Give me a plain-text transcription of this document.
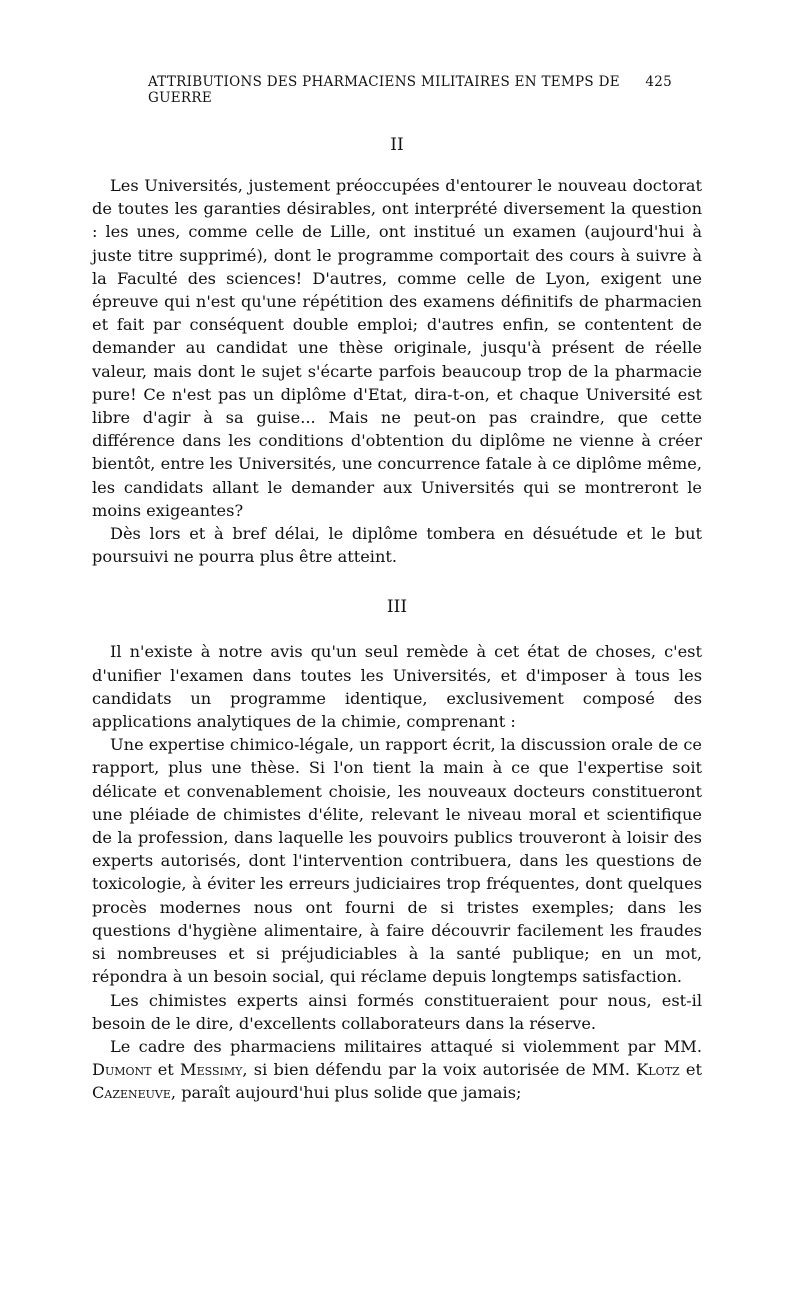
ATTRIBUTIONS DES PHARMACIENS MILITAIRES EN TEMPS DE GUERRE
425
II

Les Universités, justement préoccupées d'entourer le nouveau doctorat de toutes les garanties désirables, ont interprété diversement la question : les unes, comme celle de Lille, ont institué un examen (aujourd'hui à juste titre supprimé), dont le programme comportait des cours à suivre à la Faculté des sciences! D'autres, comme celle de Lyon, exigent une épreuve qui n'est qu'une répétition des examens définitifs de pharmacien et fait par conséquent double emploi; d'autres enfin, se contentent de demander au candidat une thèse originale, jusqu'à présent de réelle valeur, mais dont le sujet s'écarte parfois beaucoup trop de la pharmacie pure! Ce n'est pas un diplôme d'Etat, dira-t-on, et chaque Université est libre d'agir à sa guise... Mais ne peut-on pas craindre, que cette différence dans les conditions d'obtention du diplôme ne vienne à créer bientôt, entre les Universités, une concurrence fatale à ce diplôme même, les candidats allant le demander aux Universités qui se montreront le moins exigeantes?

Dès lors et à bref délai, le diplôme tombera en désuétude et le but poursuivi ne pourra plus être atteint.

III

Il n'existe à notre avis qu'un seul remède à cet état de choses, c'est d'unifier l'examen dans toutes les Universités, et d'imposer à tous les candidats un programme identique, exclusivement composé des applications analytiques de la chimie, comprenant :

Une expertise chimico-légale, un rapport écrit, la discussion orale de ce rapport, plus une thèse. Si l'on tient la main à ce que l'expertise soit délicate et convenablement choisie, les nouveaux docteurs constitueront une pléiade de chimistes d'élite, relevant le niveau moral et scientifique de la profession, dans laquelle les pouvoirs publics trouveront à loisir des experts autorisés, dont l'intervention contribuera, dans les questions de toxicologie, à éviter les erreurs judiciaires trop fréquentes, dont quelques procès modernes nous ont fourni de si tristes exemples; dans les questions d'hygiène alimentaire, à faire découvrir facilement les fraudes si nombreuses et si préjudiciables à la santé publique; en un mot, répondra à un besoin social, qui réclame depuis longtemps satisfaction.

Les chimistes experts ainsi formés constitueraient pour nous, est-il besoin de le dire, d'excellents collaborateurs dans la réserve.

Le cadre des pharmaciens militaires attaqué si violemment par MM. Dumont et Messimy, si bien défendu par la voix autorisée de MM. Klotz et Cazeneuve, paraît aujourd'hui plus solide que jamais;
